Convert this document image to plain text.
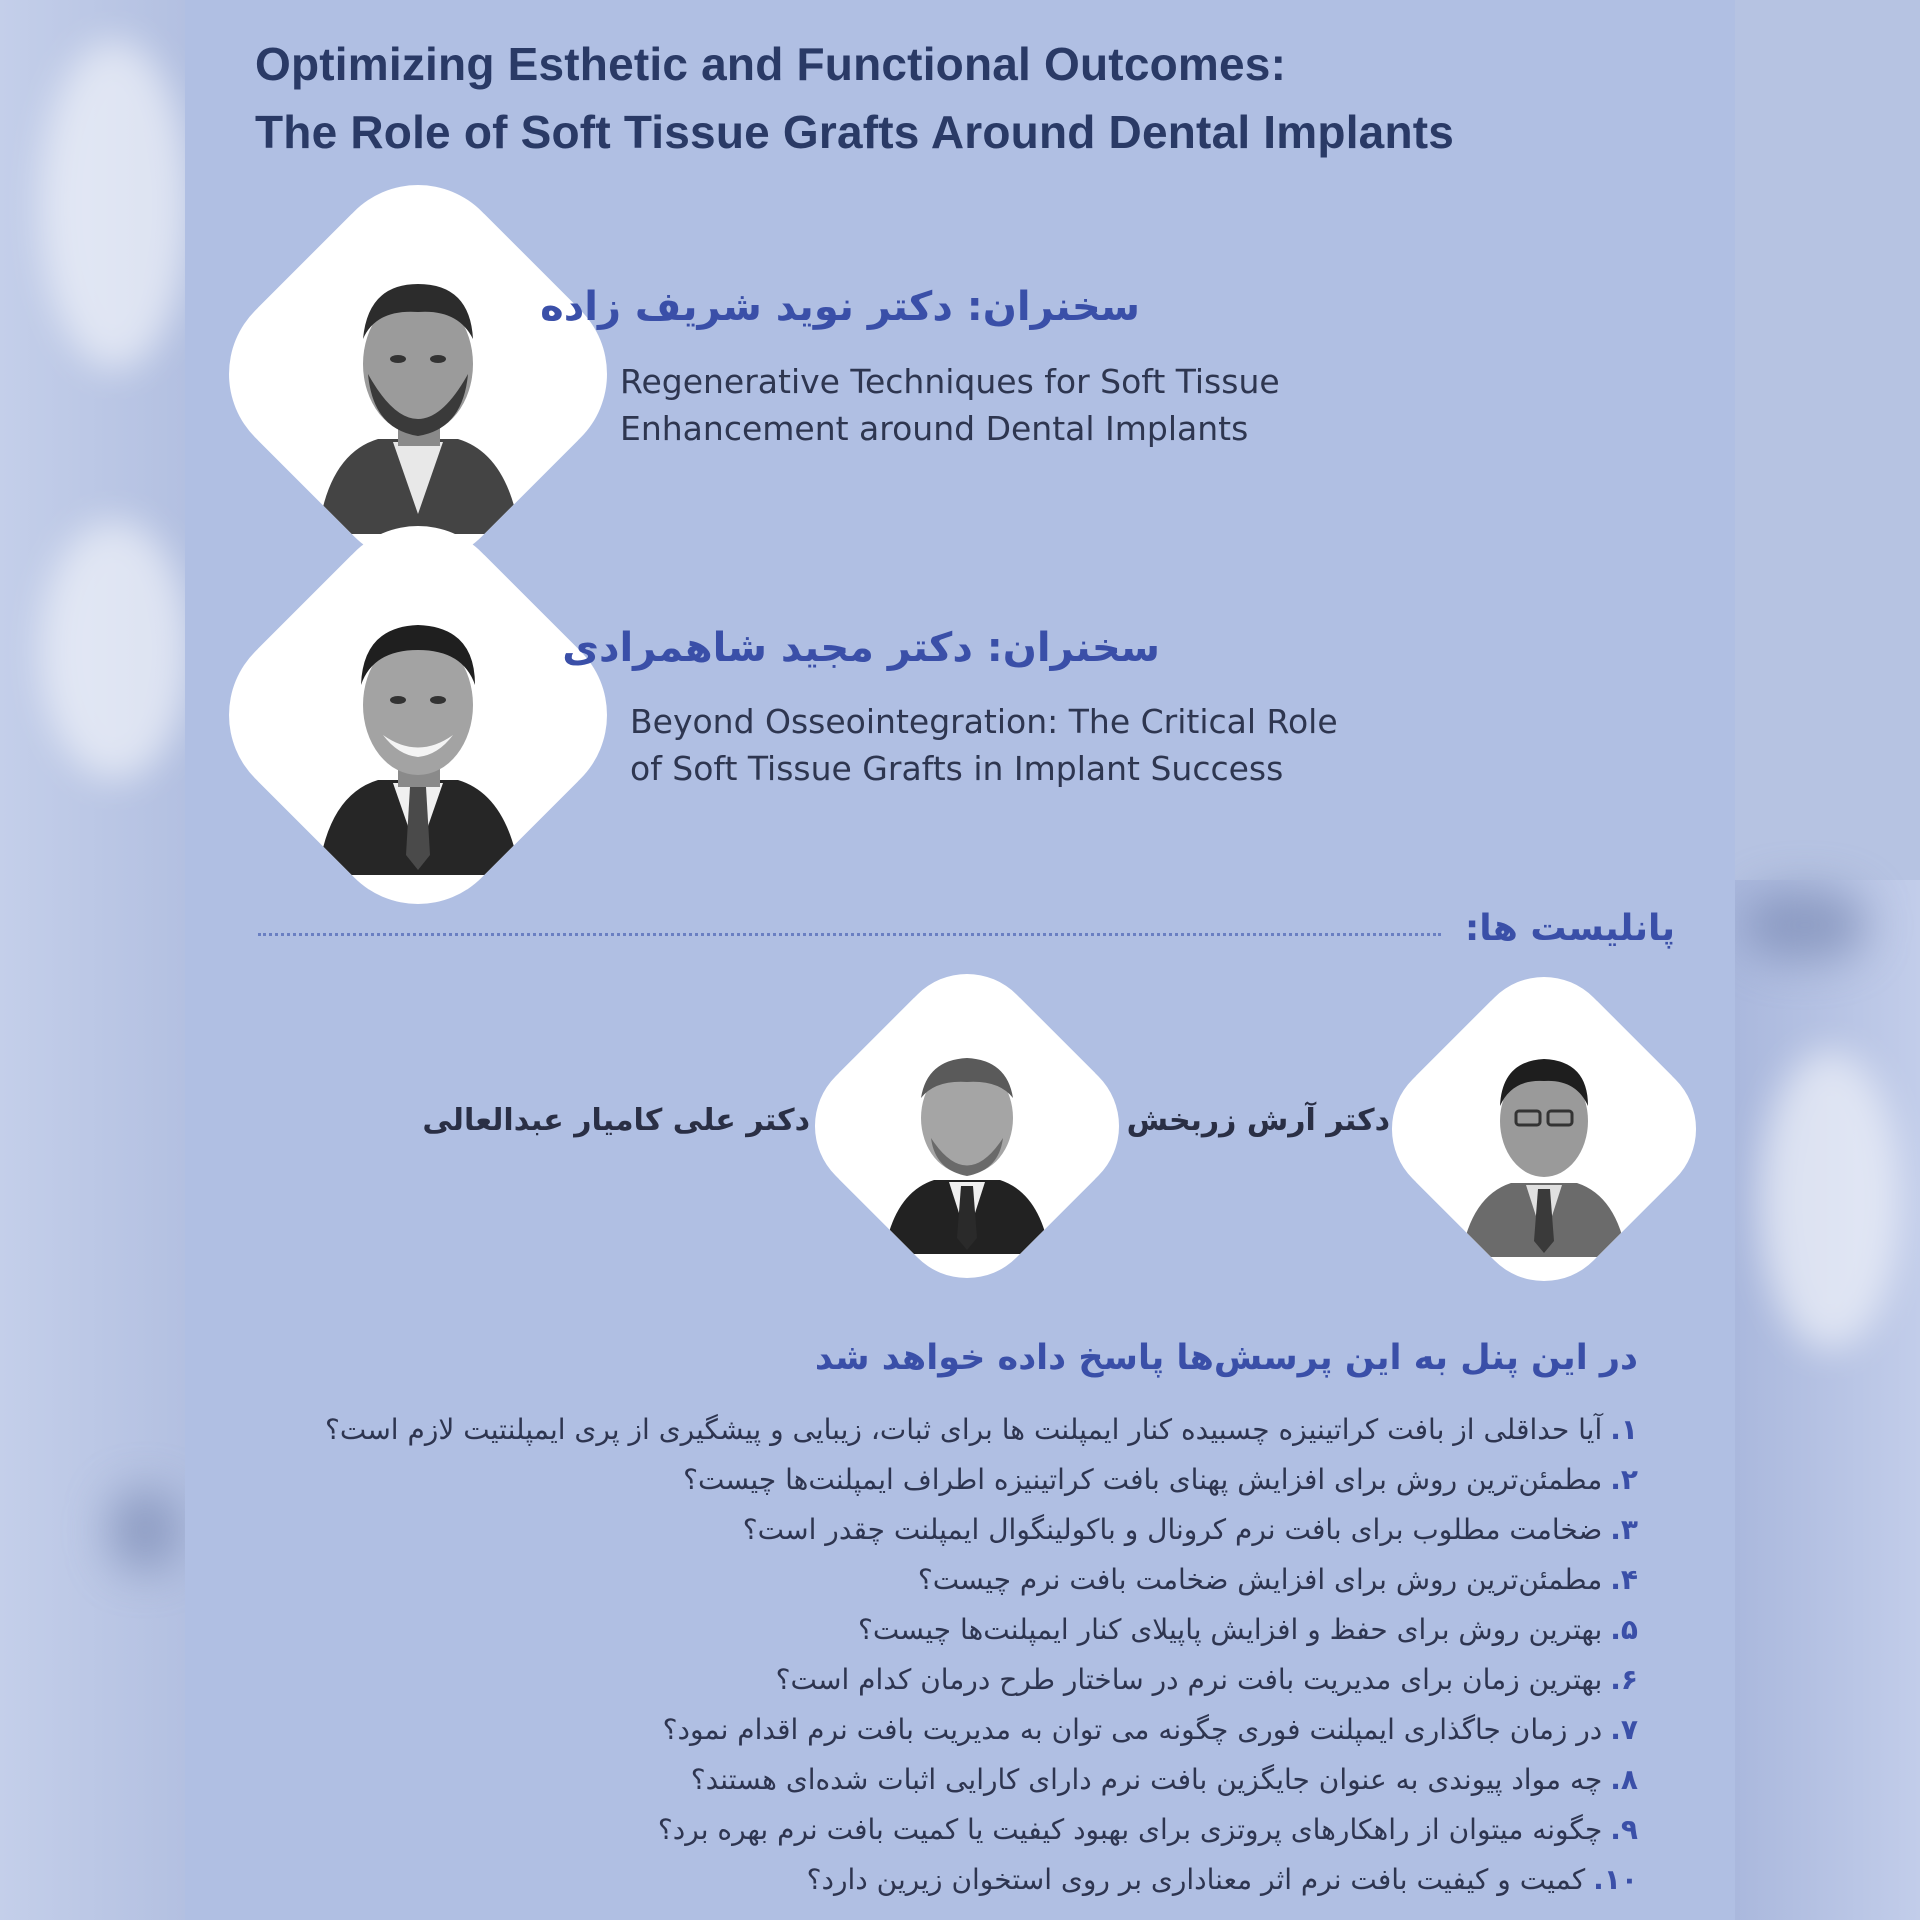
Optimizing Esthetic and Functional Outcomes:
The Role of Soft Tissue Grafts Around Dental Implants
سخنران: دکتر نوید شریف زاده
Regenerative Techniques for Soft Tissue
Enhancement around Dental Implants
سخنران: دکتر مجید شاهمرادی
Beyond Osseointegration: The Critical Role
of Soft Tissue Grafts in Implant Success
پانلیست ها:
دکتر آرش زربخش
دکتر علی کامیار عبدالعالی
در این پنل به این پرسش‌ها پاسخ داده خواهد شد
۱.آیا حداقلی از بافت کراتینیزه چسبیده کنار ایمپلنت ها برای ثبات، زیبایی و پیشگیری از پری ایمپلنتیت لازم است؟
۲.مطمئن‌ترین روش برای افزایش پهنای بافت کراتینیزه اطراف ایمپلنت‌ها چیست؟
۳.ضخامت مطلوب برای بافت نرم کرونال و باکولینگوال ایمپلنت چقدر است؟
۴.مطمئن‌ترین روش برای افزایش ضخامت بافت نرم چیست؟
۵.بهترین روش برای حفظ و افزایش پاپیلای کنار ایمپلنت‌ها چیست؟
۶.بهترین زمان برای مدیریت بافت نرم در ساختار طرح درمان کدام است؟
۷.در زمان جاگذاری ایمپلنت فوری چگونه می توان به مدیریت بافت نرم اقدام نمود؟
۸.چه مواد پیوندی به عنوان جایگزین بافت نرم دارای کارایی اثبات شده‌ای هستند؟
۹.چگونه میتوان از راهکارهای پروتزی برای بهبود کیفیت یا کمیت بافت نرم بهره برد؟
۱۰.کمیت و کیفیت بافت نرم اثر معناداری بر روی استخوان زیرین دارد؟
